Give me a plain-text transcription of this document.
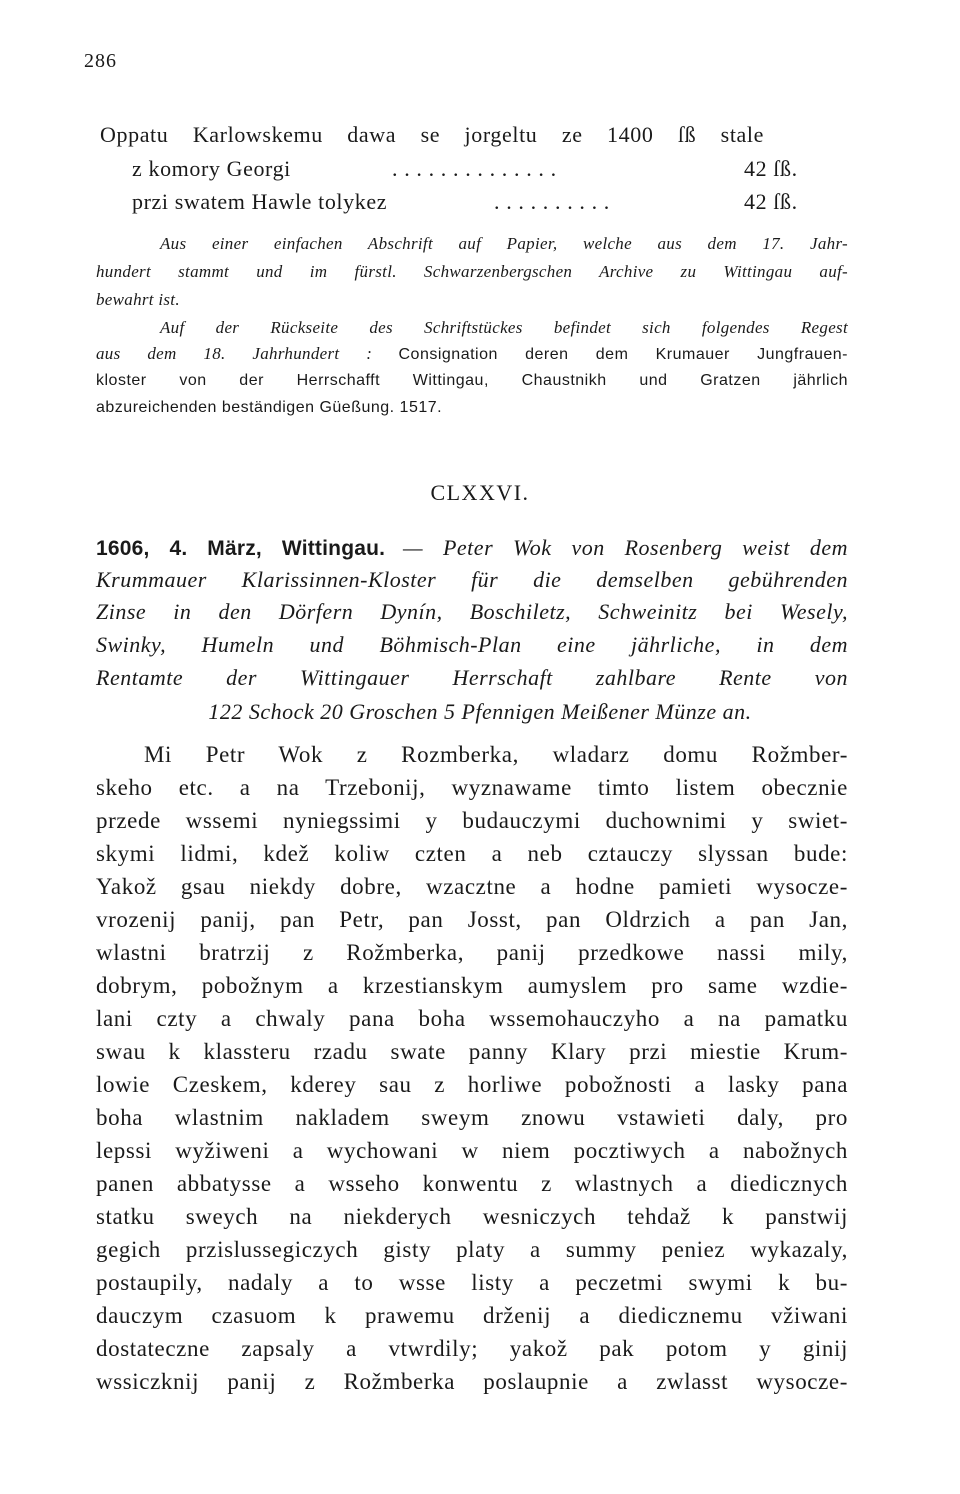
286
Oppatu Karlowskemu dawa se jorgeltu ze 1400 ſß stale
z komory Georgi	. . . . . . . . . . . . . .	42 ſß.
przi swatem Hawle tolykez	. . . . . . . . . .	42 ſß.
Aus einer einfachen Abschrift auf Papier, welche aus dem 17. Jahr-
hundert stammt und im fürstl. Schwarzenbergschen Archive zu Wittingau auf-
bewahrt ist.
Auf der Rückseite des Schriftstückes befindet sich folgendes Regest
aus dem 18. Jahrhundert : Consignation deren dem Krumauer Jungfrauen-
kloster von der Herrschafft Wittingau, Chaustnikh und Gratzen jährlich
abzureichenden beständigen Güeßung. 1517.
CLXXVI.
1606, 4. März, Wittingau. — Peter Wok von Rosenberg weist dem
Krummauer Klarissinnen-Kloster für die demselben gebührenden
Zinse in den Dörfern Dynín, Boschiletz, Schweinitz bei Wesely,
Swinky, Humeln und Böhmisch-Plan eine jährliche, in dem
Rentamte der Wittingauer Herrschaft zahlbare Rente von
122 Schock 20 Groschen 5 Pfennigen Meißener Münze an.
Mi Petr Wok z Rozmberka, wladarz domu Rožmber-
skeho etc. a na Trzebonij, wyznawame timto listem obecznie
przede wssemi nyniegssimi y budauczymi duchownimi y swiet-
skymi lidmi, kdež koliw czten a neb cztauczy slyssan bude:
Yakož gsau niekdy dobre, wzacztne a hodne pamieti wysocze-
vrozenij panij, pan Petr, pan Josst, pan Oldrzich a pan Jan,
wlastni bratrzij z Rožmberka, panij przedkowe nassi mily,
dobrym, pobožnym a krzestianskym aumyslem pro same wzdie-
lani czty a chwaly pana boha wssemohauczyho a na pamatku
swau k klassteru rzadu swate panny Klary przi miestie Krum-
lowie Czeskem, kderey sau z horliwe pobožnosti a lasky pana
boha wlastnim nakladem sweym znowu vstawieti daly, pro
lepssi wyžiweni a wychowani w niem pocztiwych a nabožnych
panen abbatysse a wsseho konwentu z wlastnych a diedicznych
statku sweych na niekderych wesniczych tehdaž k panstwij
gegich przislussegiczych gisty platy a summy peniez wykazaly,
postaupily, nadaly a to wsse listy a peczetmi swymi k bu-
dauczym czasuom k prawemu drženij a diedicznemu vžiwani
dostateczne zapsaly a vtwrdily; yakož pak potom y ginij
wssiczknij panij z Rožmberka poslaupnie a zwlasst wysocze-
